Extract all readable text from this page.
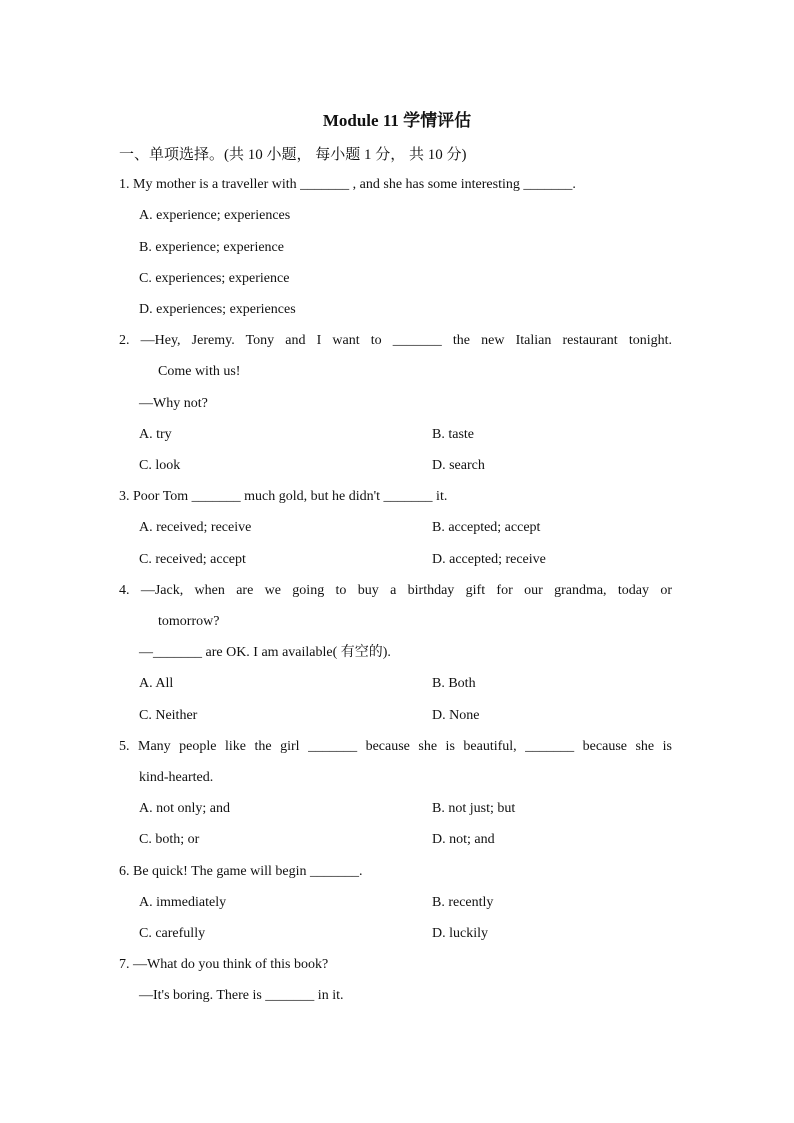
Module 11 学情评估
一、单项选择。(共 10 小题， 每小题 1 分， 共 10 分)
1. My mother is a traveller with _______ , and she has some interesting _______.
A. experience; experiences
B. experience; experience
C. experiences; experience
D. experiences; experiences
2. —Hey, Jeremy. Tony and I want to _______ the new Italian restaurant tonight.
Come with us!
—Why not?
A. try	B. taste
C. look	D. search
3. Poor Tom _______ much gold, but he didn't _______ it.
A. received; receive	B. accepted; accept
C. received; accept	D. accepted; receive
4. —Jack, when are we going to buy a birthday gift for our grandma, today or
tomorrow?
—_______ are OK. I am available( 有空的).
A. All	B. Both
C. Neither	D. None
5. Many people like the girl _______ because she is beautiful, _______ because she is
kind-hearted.
A. not only; and	B. not just; but
C. both; or	D. not; and
6. Be quick! The game will begin _______.
A. immediately	B. recently
C. carefully	D. luckily
7. —What do you think of this book?
—It's boring. There is _______ in it.
